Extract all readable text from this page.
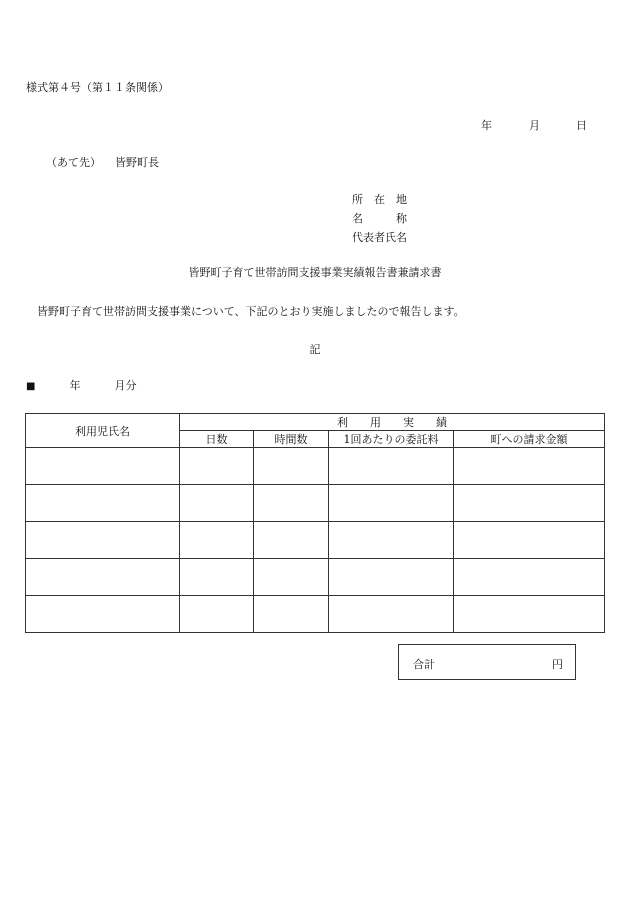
様式第４号（第１１条関係）
年	月	日
（あて先） 皆野町長
所　在　地
名　　　称
代表者氏名
皆野町子育て世帯訪問支援事業実績報告書兼請求書
皆野町子育て世帯訪問支援事業について、下記のとおり実施しましたので報告します。
記
■	年	月分
利用児氏名	利　　用　　実　　績			
	日数	時間数	1回あたりの委託料	町への請求金額

合計	円
